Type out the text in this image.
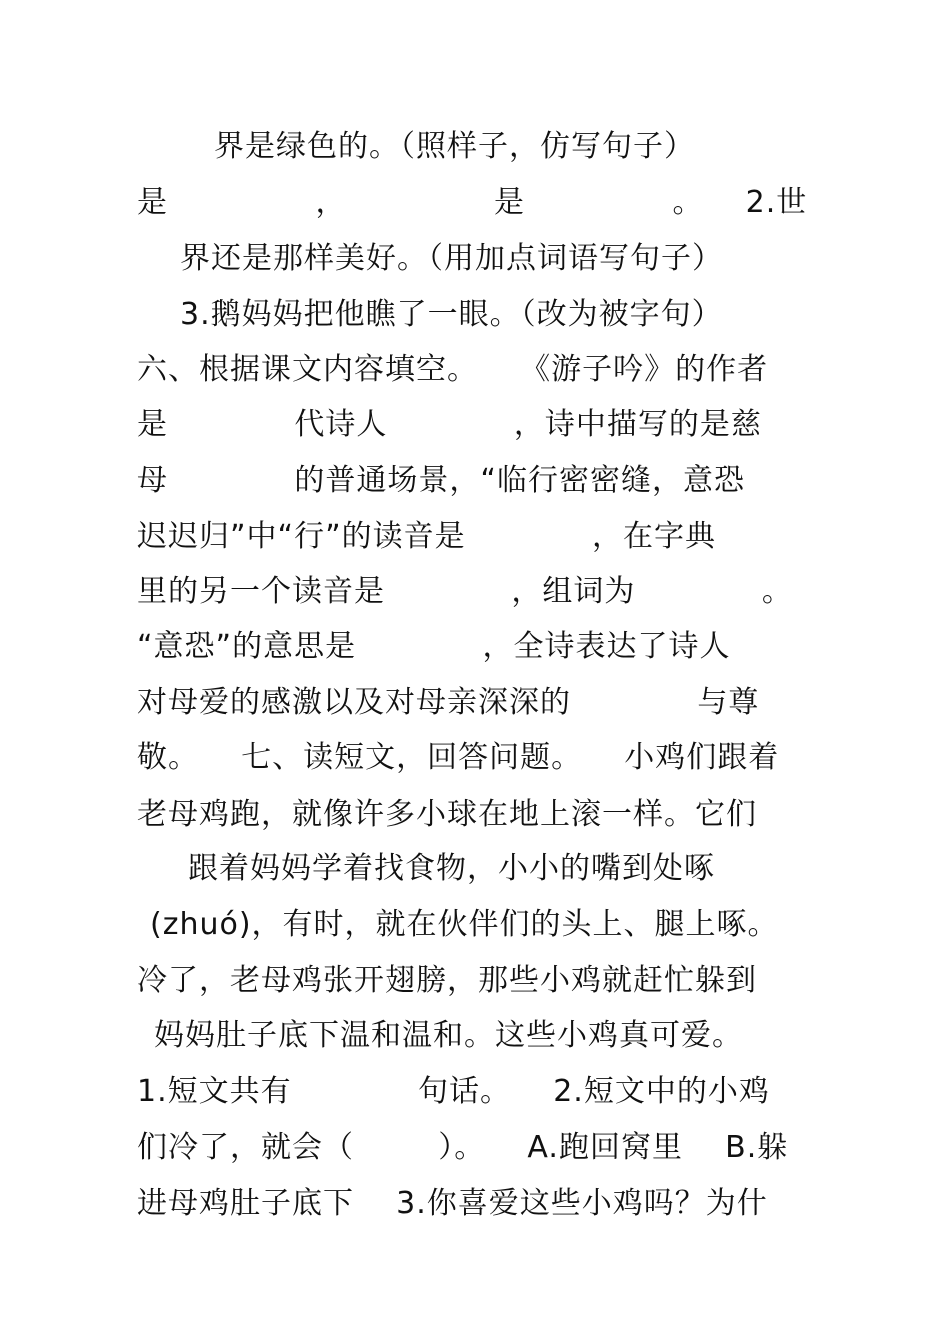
界是绿色的。（照样子，仿写句子）
是              ，              是              。    2.世
界还是那样美好。（用加点词语写句子）
3.鹅妈妈把他瞧了一眼。（改为被字句）
六、根据课文内容填空。    《游子吟》的作者
是            代诗人            ，诗中描写的是慈
母            的普通场景，“临行密密缝，意恐
迟迟归”中“行”的读音是            ，在字典
里的另一个读音是            ，组词为            。
“意恐”的意思是            ，全诗表达了诗人
对母爱的感激以及对母亲深深的            与尊
敬。    七、读短文，回答问题。    小鸡们跟着
老母鸡跑，就像许多小球在地上滚一样。它们
跟着妈妈学着找食物，小小的嘴到处啄
(zhuó)，有时，就在伙伴们的头上、腿上啄。
冷了，老母鸡张开翅膀，那些小鸡就赶忙躲到
妈妈肚子底下温和温和。这些小鸡真可爱。
1.短文共有            句话。    2.短文中的小鸡
们冷了，就会（        ）。    A.跑回窝里    B.躲
进母鸡肚子底下    3.你喜爱这些小鸡吗？为什
